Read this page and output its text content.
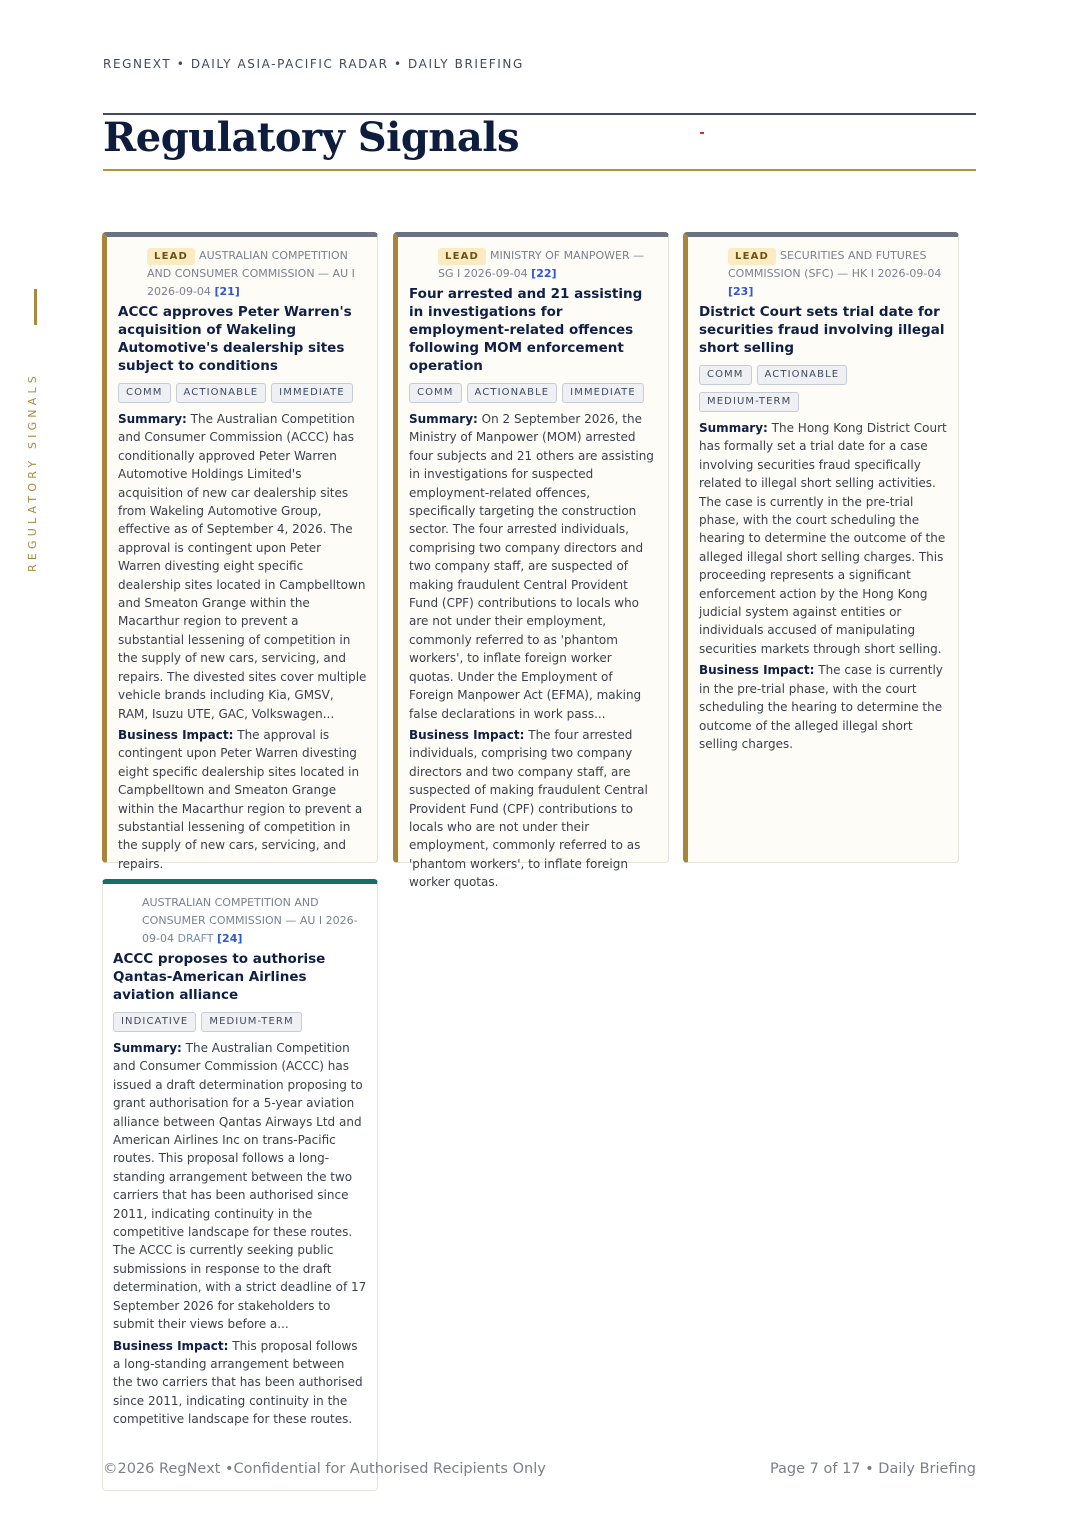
REGNEXT • DAILY ASIA-PACIFIC RADAR • DAILY BRIEFING
Regulatory Signals
REGULATORY SIGNALS
LEAD AUSTRALIAN COMPETITION AND CONSUMER COMMISSION — AU I 2026-09-04 [21]
ACCC approves Peter Warren's acquisition of Wakeling Automotive's dealership sites subject to conditions
COMM ACTIONABLE IMMEDIATE
Summary: The Australian Competition and Consumer Commission (ACCC) has conditionally approved Peter Warren Automotive Holdings Limited's acquisition of new car dealership sites from Wakeling Automotive Group, effective as of September 4, 2026. The approval is contingent upon Peter Warren divesting eight specific dealership sites located in Campbelltown and Smeaton Grange within the Macarthur region to prevent a substantial lessening of competition in the supply of new cars, servicing, and repairs. The divested sites cover multiple vehicle brands including Kia, GMSV, RAM, Isuzu UTE, GAC, Volkswagen...
Business Impact: The approval is contingent upon Peter Warren divesting eight specific dealership sites located in Campbelltown and Smeaton Grange within the Macarthur region to prevent a substantial lessening of competition in the supply of new cars, servicing, and repairs.
LEAD MINISTRY OF MANPOWER — SG I 2026-09-04 [22]
Four arrested and 21 assisting in investigations for employment-related offences following MOM enforcement operation
COMM ACTIONABLE IMMEDIATE
Summary: On 2 September 2026, the Ministry of Manpower (MOM) arrested four subjects and 21 others are assisting in investigations for suspected employment-related offences, specifically targeting the construction sector. The four arrested individuals, comprising two company directors and two company staff, are suspected of making fraudulent Central Provident Fund (CPF) contributions to locals who are not under their employment, commonly referred to as 'phantom workers', to inflate foreign worker quotas. Under the Employment of Foreign Manpower Act (EFMA), making false declarations in work pass...
Business Impact: The four arrested individuals, comprising two company directors and two company staff, are suspected of making fraudulent Central Provident Fund (CPF) contributions to locals who are not under their employment, commonly referred to as 'phantom workers', to inflate foreign worker quotas.
LEAD SECURITIES AND FUTURES COMMISSION (SFC) — HK I 2026-09-04 [23]
District Court sets trial date for securities fraud involving illegal short selling
COMM ACTIONABLEMEDIUM-TERM
Summary: The Hong Kong District Court has formally set a trial date for a case involving securities fraud specifically related to illegal short selling activities. The case is currently in the pre-trial phase, with the court scheduling the hearing to determine the outcome of the alleged illegal short selling charges. This proceeding represents a significant enforcement action by the Hong Kong judicial system against entities or individuals accused of manipulating securities markets through short selling.
Business Impact: The case is currently in the pre-trial phase, with the court scheduling the hearing to determine the outcome of the alleged illegal short selling charges.
AUSTRALIAN COMPETITION AND CONSUMER COMMISSION — AU I 2026-09-04 DRAFT [24]
ACCC proposes to authorise Qantas-American Airlines aviation alliance
INDICATIVE MEDIUM-TERM
Summary: The Australian Competition and Consumer Commission (ACCC) has issued a draft determination proposing to grant authorisation for a 5-year aviation alliance between Qantas Airways Ltd and American Airlines Inc on trans-Pacific routes. This proposal follows a long-standing arrangement between the two carriers that has been authorised since 2011, indicating continuity in the competitive landscape for these routes. The ACCC is currently seeking public submissions in response to the draft determination, with a strict deadline of 17 September 2026 for stakeholders to submit their views before a...
Business Impact: This proposal follows a long-standing arrangement between the two carriers that has been authorised since 2011, indicating continuity in the competitive landscape for these routes.
©2026 RegNext •Confidential for Authorised Recipients Only	Page 7 of 17 • Daily Briefing
